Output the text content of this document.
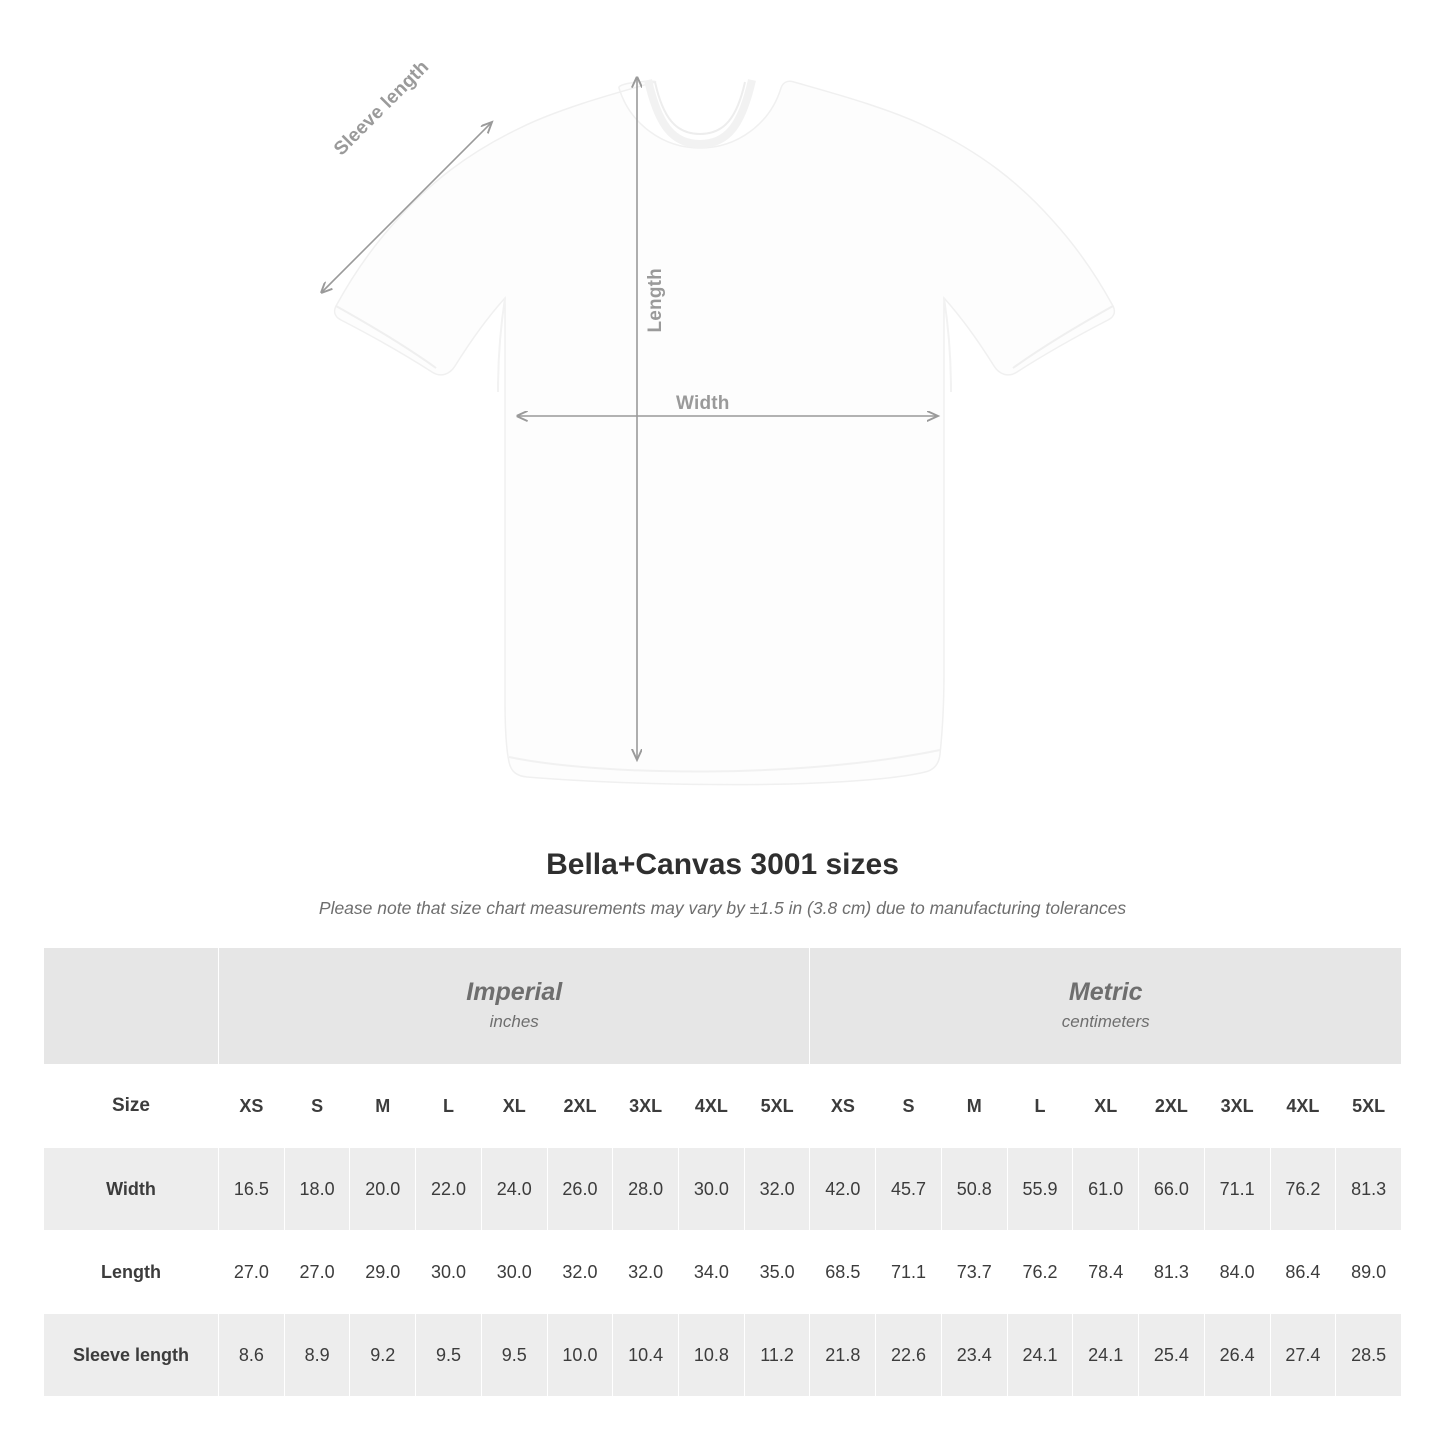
Length
Width
Sleeve length
Bella+Canvas 3001 sizes

Please note that size chart measurements may vary by ±1.5 in (3.8 cm) due to manufacturing tolerances

Imperial
inches

Metric
centimeters

Size	XS	S	M	L	XL	2XL	3XL	4XL	5XL	XS	S	M	L	XL	2XL	3XL	4XL	5XL
Width	16.5	18.0	20.0	22.0	24.0	26.0	28.0	30.0	32.0	42.0	45.7	50.8	55.9	61.0	66.0	71.1	76.2	81.3
Length	27.0	27.0	29.0	30.0	30.0	32.0	32.0	34.0	35.0	68.5	71.1	73.7	76.2	78.4	81.3	84.0	86.4	89.0
Sleeve length	8.6	8.9	9.2	9.5	9.5	10.0	10.4	10.8	11.2	21.8	22.6	23.4	24.1	24.1	25.4	26.4	27.4	28.5
